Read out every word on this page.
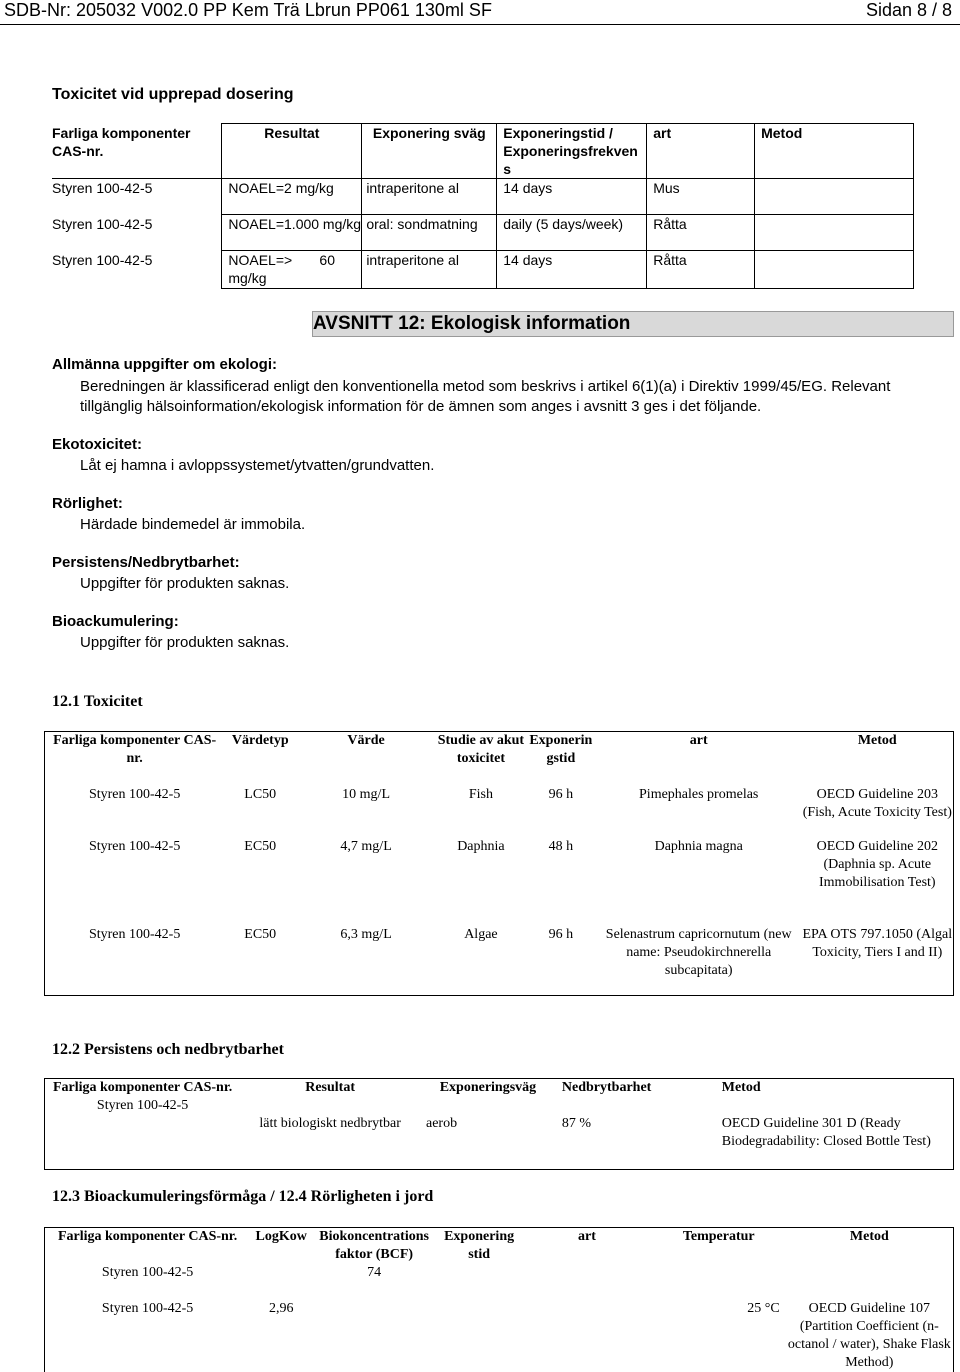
SDB-Nr: 205032 V002.0 PP Kem Trä Lbrun PP061 130ml SF	Sidan 8 / 8
Toxicitet vid upprepad dosering
Farliga komponenter CAS-nr.	Resultat	Exponering sväg	Exponeringstid / Exponeringsfrekven s	art	Metod
Styren 100-42-5	NOAEL=2 mg/kg	intraperitone al	14 days	Mus	
Styren 100-42-5	NOAEL=1.000 mg/kg	oral: sondmatning	daily (5 days/week)	Råtta	
Styren 100-42-5	NOAEL=>       60 mg/kg	intraperitone al	14 days	Råtta	
AVSNITT 12: Ekologisk information
Allmänna uppgifter om ekologi:
Beredningen är klassificerad enligt den konventionella metod som beskrivs i artikel 6(1)(a) i Direktiv 1999/45/EG. Relevant
tillgänglig hälsoinformation/ekologisk information för de ämnen som anges i avsnitt 3 ges i det följande.
Ekotoxicitet:
Låt ej hamna i avloppssystemet/ytvatten/grundvatten.
Rörlighet:
Härdade bindemedel är immobila.
Persistens/Nedbrytbarhet:
Uppgifter för produkten saknas.
Bioackumulering:
Uppgifter för produkten saknas.
12.1 Toxicitet
Farliga komponenter CAS-nr.	Värdetyp	Värde	Studie av akut toxicitet	Exponerin gstid	art	Metod
Styren 100-42-5	LC50	10 mg/L	Fish	96 h	Pimephales promelas	OECD Guideline 203 (Fish, Acute Toxicity Test)
Styren 100-42-5	EC50	4,7 mg/L	Daphnia	48 h	Daphnia magna	OECD Guideline 202 (Daphnia sp. Acute Immobilisation Test)
Styren 100-42-5	EC50	6,3 mg/L	Algae	96 h	Selenastrum capricornutum (new name: Pseudokirchnerella subcapitata)	EPA OTS 797.1050 (Algal Toxicity, Tiers I and II)
12.2 Persistens och nedbrytbarhet
Farliga komponenter CAS-nr.	Resultat	Exponeringsväg	Nedbrytbarhet	Metod
Styren 100-42-5	lätt biologiskt nedbrytbar	aerob	87 %	OECD Guideline 301 D (Ready Biodegradability: Closed Bottle Test)
12.3 Bioackumuleringsförmåga / 12.4 Rörligheten i jord
Farliga komponenter CAS-nr.	LogKow	Biokoncentrations faktor (BCF)	Exponering stid	art	Temperatur	Metod
Styren 100-42-5		74				
Styren 100-42-5	2,96				25 °C	OECD Guideline 107 (Partition Coefficient (n-octanol / water), Shake Flask Method)
